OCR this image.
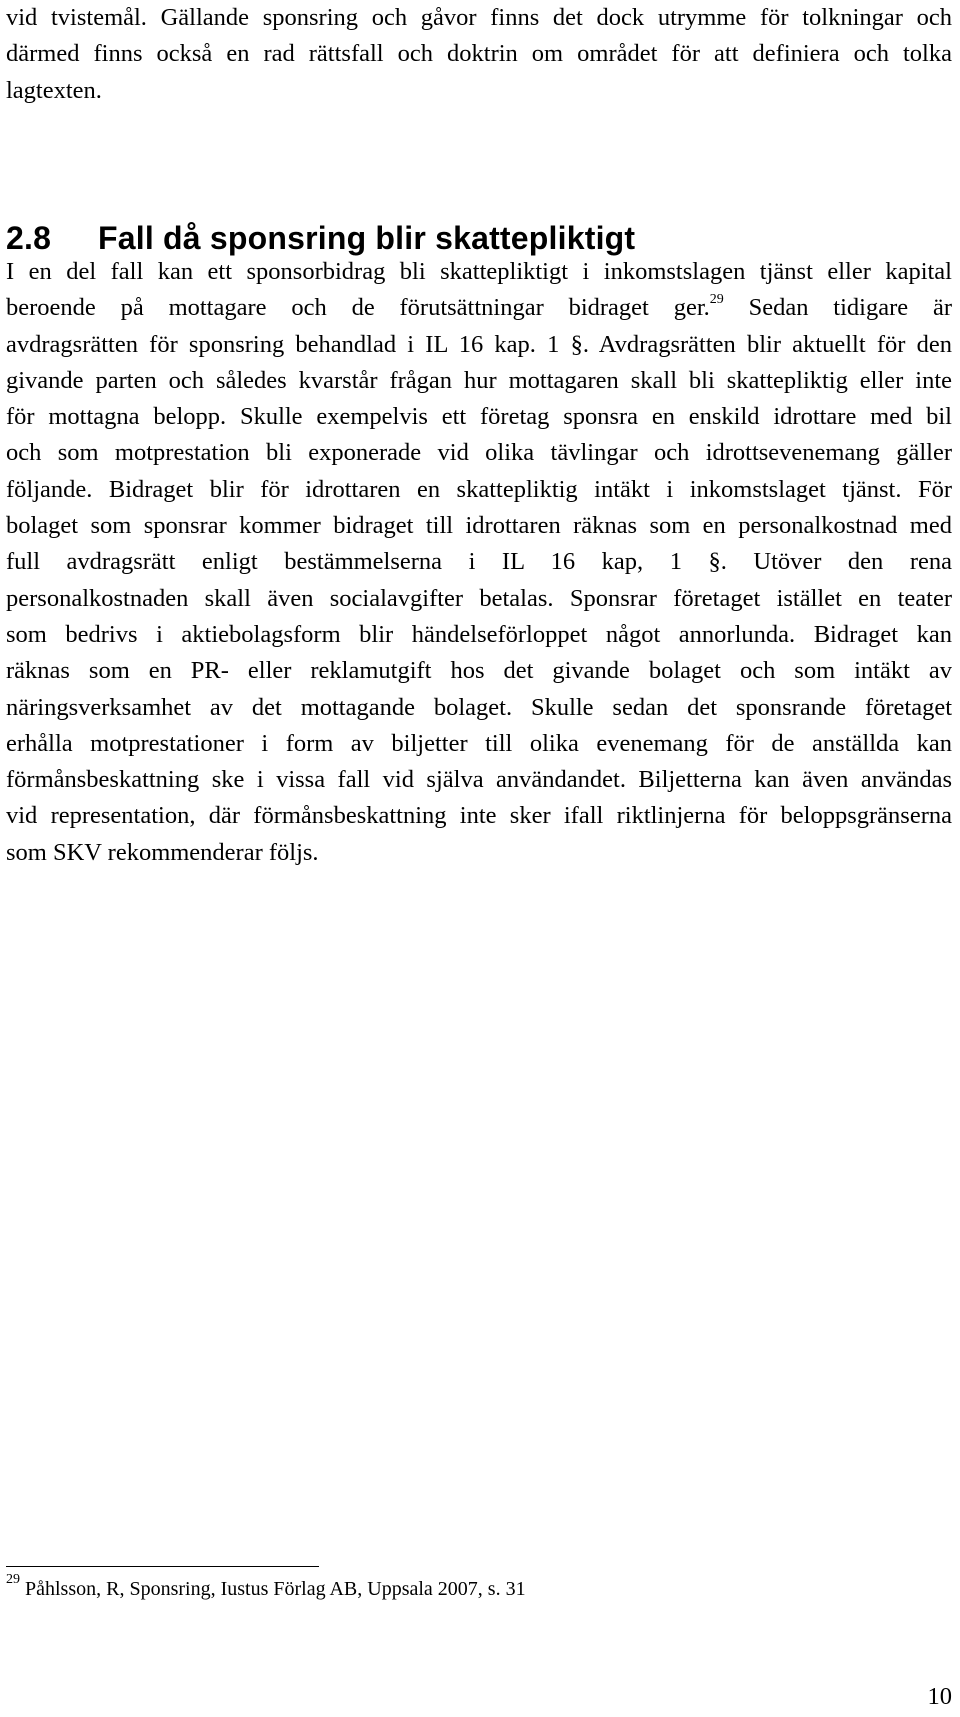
vid tvistemål. Gällande sponsring och gåvor finns det dock utrymme för tolkningar och
därmed finns också en rad rättsfall och doktrin om området för att definiera och tolka
lagtexten.
2.8 Fall då sponsring blir skattepliktigt
I en del fall kan ett sponsorbidrag bli skattepliktigt i inkomstslagen tjänst eller kapital
beroende på mottagare och de förutsättningar bidraget ger.$^{29}$ Sedan tidigare är
avdragsrätten för sponsring behandlad i IL 16 kap. 1 §. Avdragsrätten blir aktuellt för den
givande parten och således kvarstår frågan hur mottagaren skall bli skattepliktig eller inte
för mottagna belopp. Skulle exempelvis ett företag sponsra en enskild idrottare med bil
och som motprestation bli exponerade vid olika tävlingar och idrottsevenemang gäller
följande. Bidraget blir för idrottaren en skattepliktig intäkt i inkomstslaget tjänst. För
bolaget som sponsrar kommer bidraget till idrottaren räknas som en personalkostnad med
full avdragsrätt enligt bestämmelserna i IL 16 kap, 1 §. Utöver den rena
personalkostnaden skall även socialavgifter betalas. Sponsrar företaget istället en teater
som bedrivs i aktiebolagsform blir händelseförloppet något annorlunda. Bidraget kan
räknas som en PR- eller reklamutgift hos det givande bolaget och som intäkt av
näringsverksamhet av det mottagande bolaget. Skulle sedan det sponsrande företaget
erhålla motprestationer i form av biljetter till olika evenemang för de anställda kan
förmånsbeskattning ske i vissa fall vid själva användandet. Biljetterna kan även användas
vid representation, där förmånsbeskattning inte sker ifall riktlinjerna för beloppsgränserna
som SKV rekommenderar följs.

$^{29}$ Påhlsson, R, Sponsring, Iustus Förlag AB, Uppsala 2007, s. 31

10
